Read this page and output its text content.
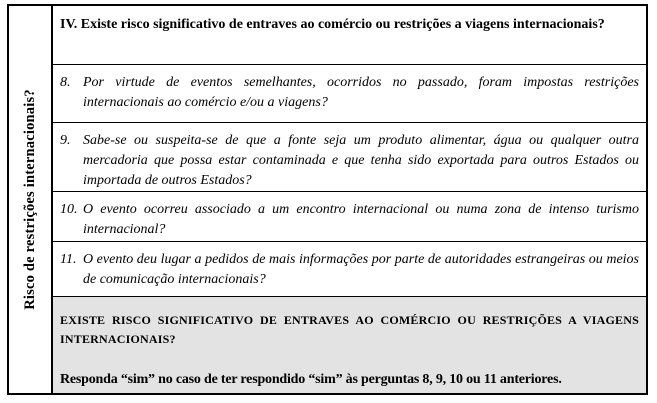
Risco de restrições internacionais?
IV. Existe risco significativo de entraves ao comércio ou restrições a viagens internacionais?
8. Por virtude de eventos semelhantes, ocorridos no passado, foram impostas restrições internacionais ao comércio e/ou a viagens?
9. Sabe-se ou suspeita-se de que a fonte seja um produto alimentar, água ou qualquer outra mercadoria que possa estar contaminada e que tenha sido exportada para outros Estados ou importada de outros Estados?
10. O evento ocorreu associado a um encontro internacional ou numa zona de intenso turismo internacional?
11. O evento deu lugar a pedidos de mais informações por parte de autoridades estrangeiras ou meios de comunicação internacionais?
EXISTE RISCO SIGNIFICATIVO DE ENTRAVES AO COMÉRCIO OU RESTRIÇÕES A VIAGENS INTERNACIONAIS?
Responda “sim” no caso de ter respondido “sim” às perguntas 8, 9, 10 ou 11 anteriores.
